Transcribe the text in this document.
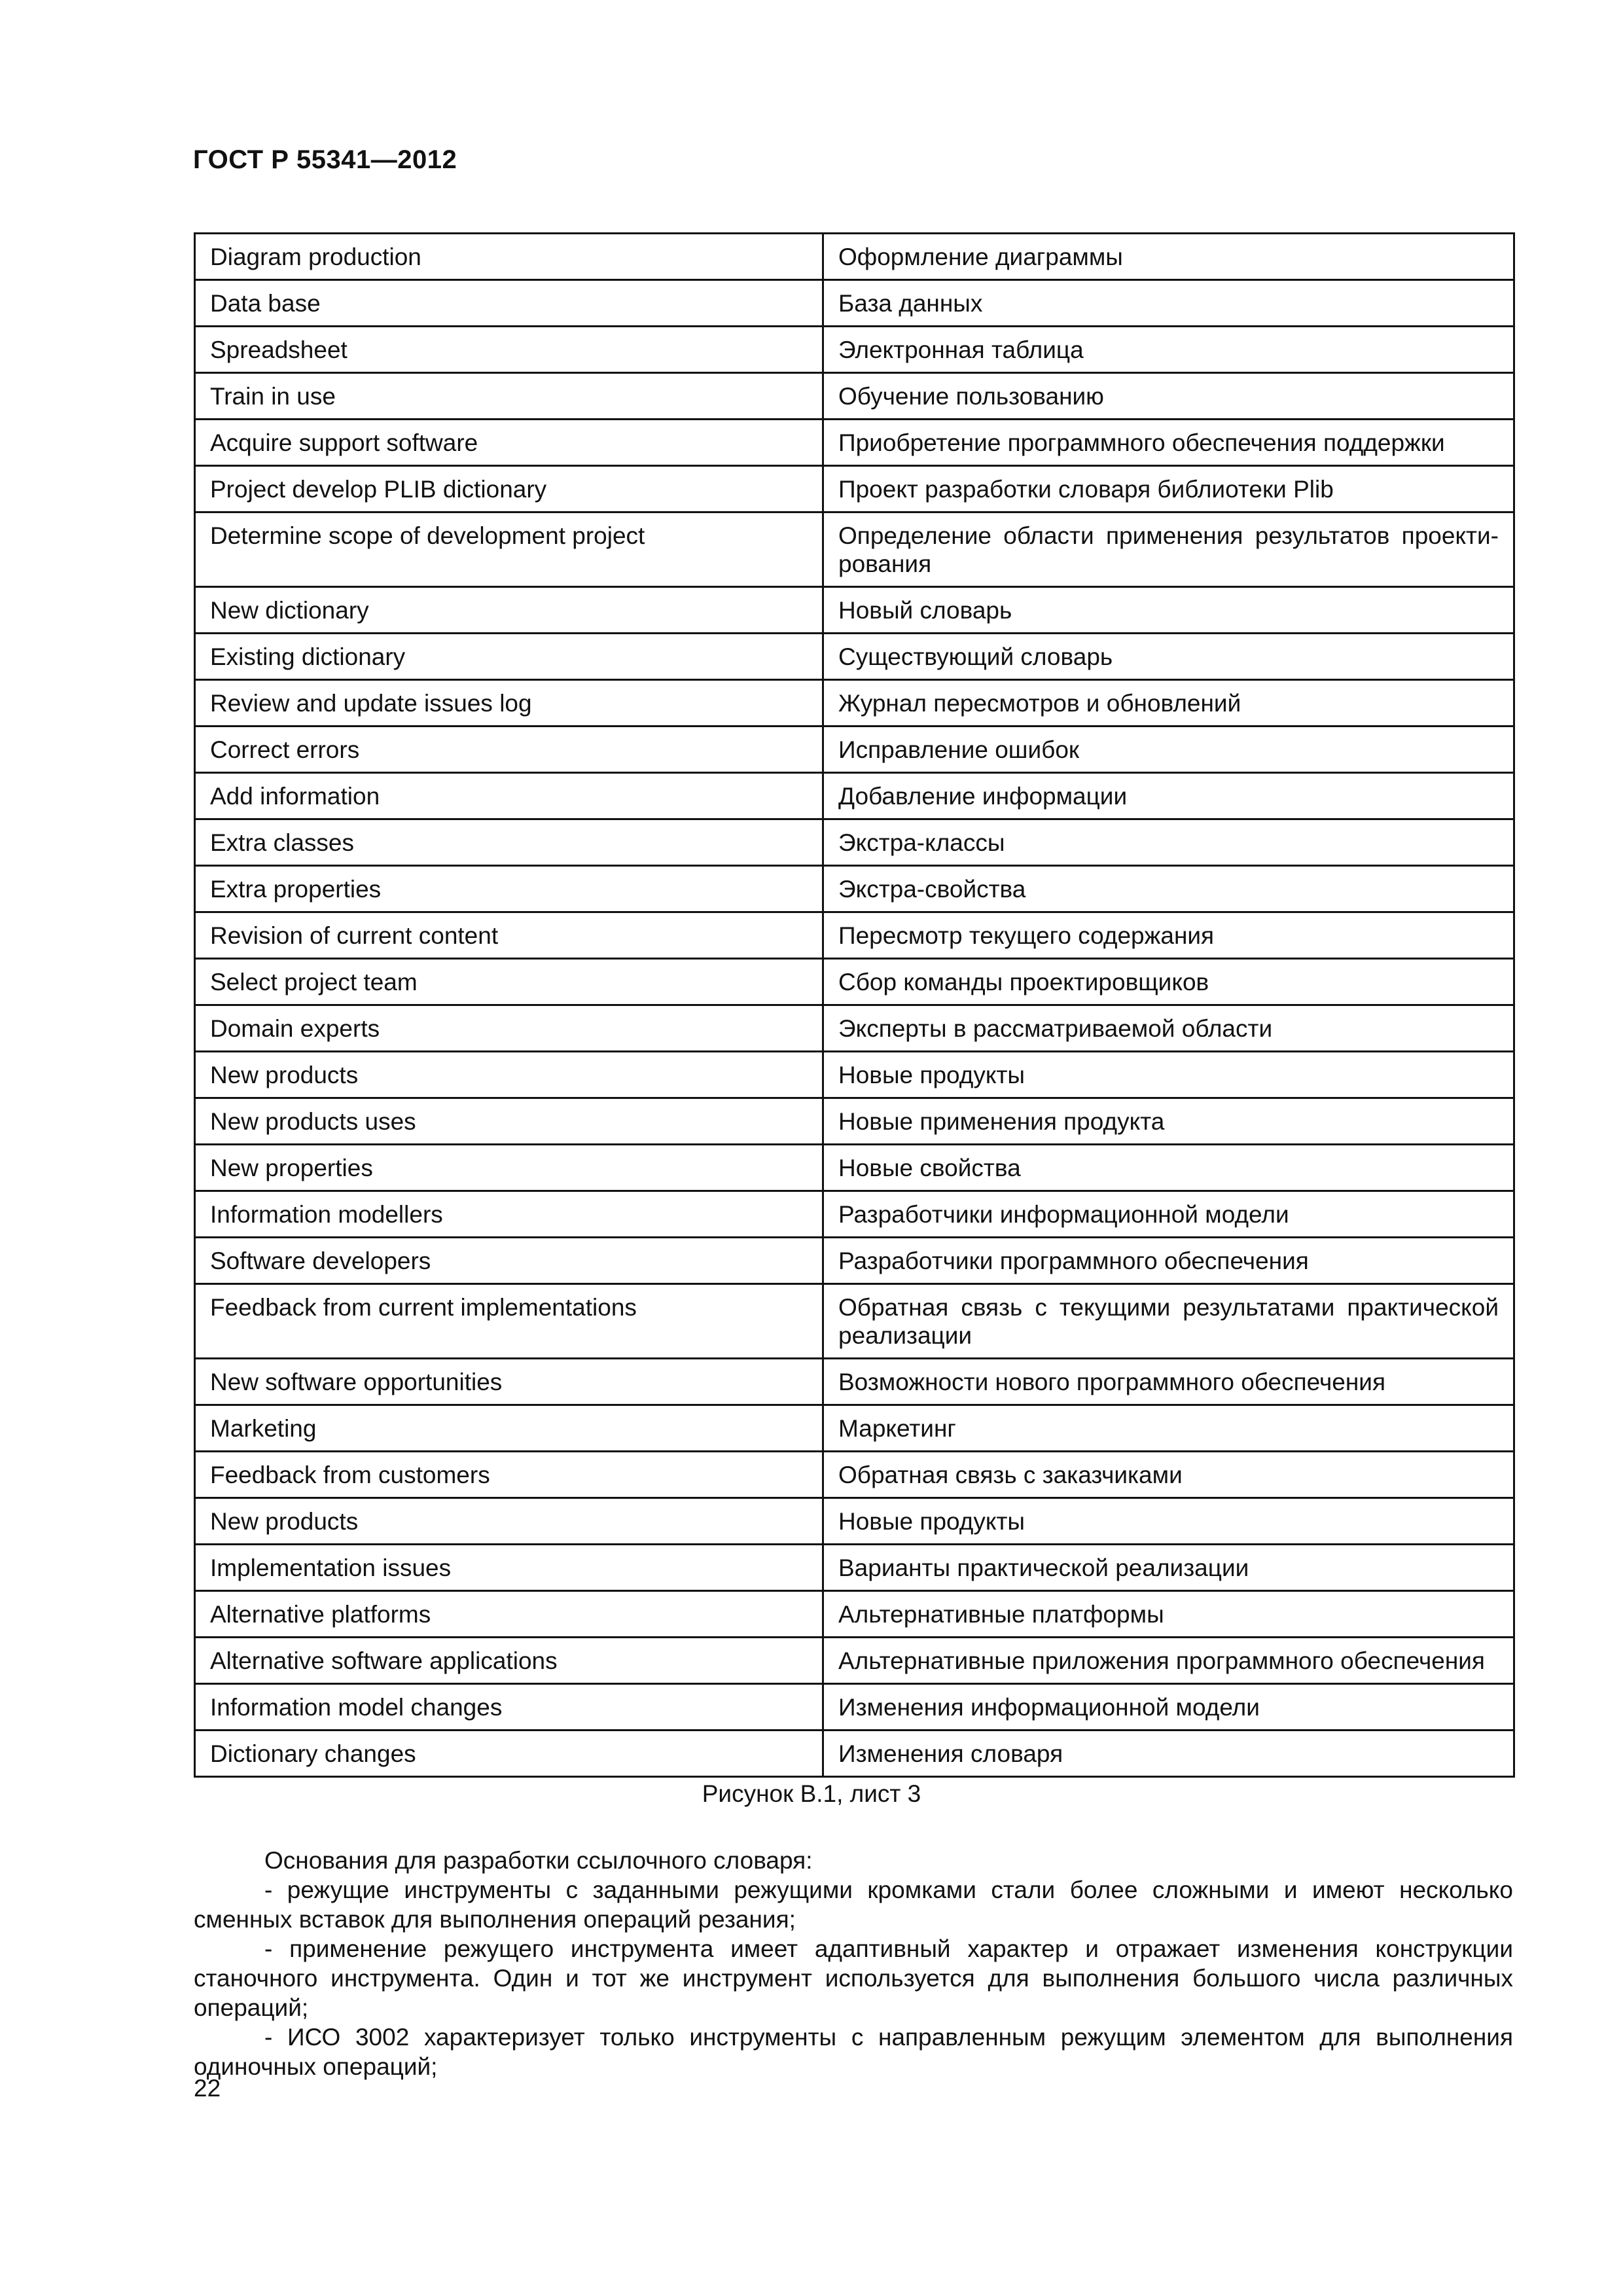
ГОСТ Р 55341—2012
Diagram production	Оформление диаграммы
Data base	База данных
Spreadsheet	Электронная таблица
Train in use	Обучение пользованию
Acquire support software	Приобретение программного обеспечения поддержки
Project develop PLIB dictionary	Проект разработки словаря библиотеки Plib
Determine scope of development project	Определение области применения результатов проекти-рования
New dictionary	Новый словарь
Existing dictionary	Существующий словарь
Review and update issues log	Журнал пересмотров и обновлений
Correct errors	Исправление ошибок
Add information	Добавление информации
Extra classes	Экстра-классы
Extra properties	Экстра-свойства
Revision of current content	Пересмотр текущего содержания
Select project team	Сбор команды проектировщиков
Domain experts	Эксперты в рассматриваемой области
New products	Новые продукты
New products uses	Новые применения продукта
New properties	Новые свойства
Information modellers	Разработчики информационной модели
Software developers	Разработчики программного обеспечения
Feedback from current implementations	Обратная связь с текущими результатами практической реализации
New software opportunities	Возможности нового программного обеспечения
Marketing	Маркетинг
Feedback from customers	Обратная связь с заказчиками
New products	Новые продукты
Implementation issues	Варианты практической реализации
Alternative platforms	Альтернативные платформы
Alternative software applications	Альтернативные приложения программного обеспечения
Information model changes	Изменения информационной модели
Dictionary changes	Изменения словаря
Рисунок В.1, лист 3

Основания для разработки ссылочного словаря:

- режущие инструменты с заданными режущими кромками стали более сложными и имеют несколько сменных вставок для выполнения операций резания;

- применение режущего инструмента имеет адаптивный характер и отражает изменения конструкции станочного инструмента. Один и тот же инструмент используется для выполнения большого числа различных операций;

- ИСО 3002 характеризует только инструменты с направленным режущим элементом для выполнения одиночных операций;

22
